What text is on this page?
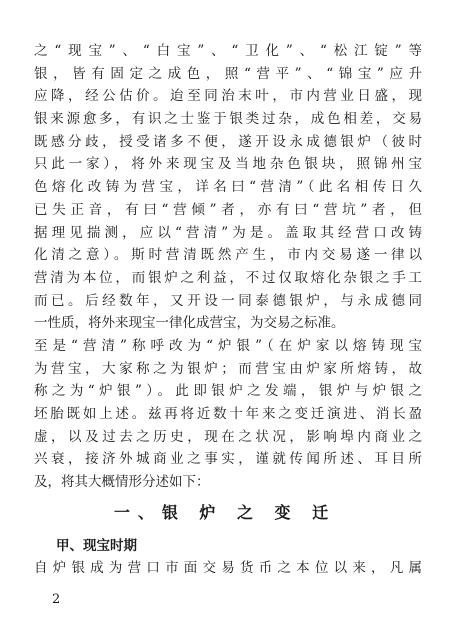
之“现宝”、“白宝”、“卫化”、“松江锭”等
银，皆有固定之成色，照“营平”、“锦宝”应升
应降，经公估价。迨至同治末叶，市内营业日盛，现
银来源愈多，有识之士鉴于银类过杂，成色相差，交易
既感分歧，授受诸多不便，遂开设永成德银炉（彼时
只此一家），将外来现宝及当地杂色银块，照锦州宝
色熔化改铸为营宝，详名曰“营清”（此名相传日久
已失正音，有曰“营倾”者，亦有曰“营坑”者，但
据理见揣测，应以“营清”为是。盖取其经营口改铸
化清之意）。斯时营清既然产生，市内交易遂一律以
营清为本位，而银炉之利益，不过仅取熔化杂银之手工
而已。后经数年，又开设一同泰德银炉，与永成德同
一性质，将外来现宝一律化成营宝，为交易之标准。
至是“营清”称呼改为“炉银”（在炉家以熔铸现宝
为营宝，大家称之为银炉；而营宝由炉家所熔铸，故
称之为“炉银”）。此即银炉之发端，银炉与炉银之
坯胎既如上述。兹再将近数十年来之变迁演进、消长盈
虚，以及过去之历史，现在之状况，影响埠内商业之
兴衰，接济外城商业之事实，谨就传闻所述、耳目所
及，将其大概情形分述如下：
一、银 炉 之 变 迁
甲、现宝时期
自炉银成为营口市面交易货币之本位以来，凡属
2
